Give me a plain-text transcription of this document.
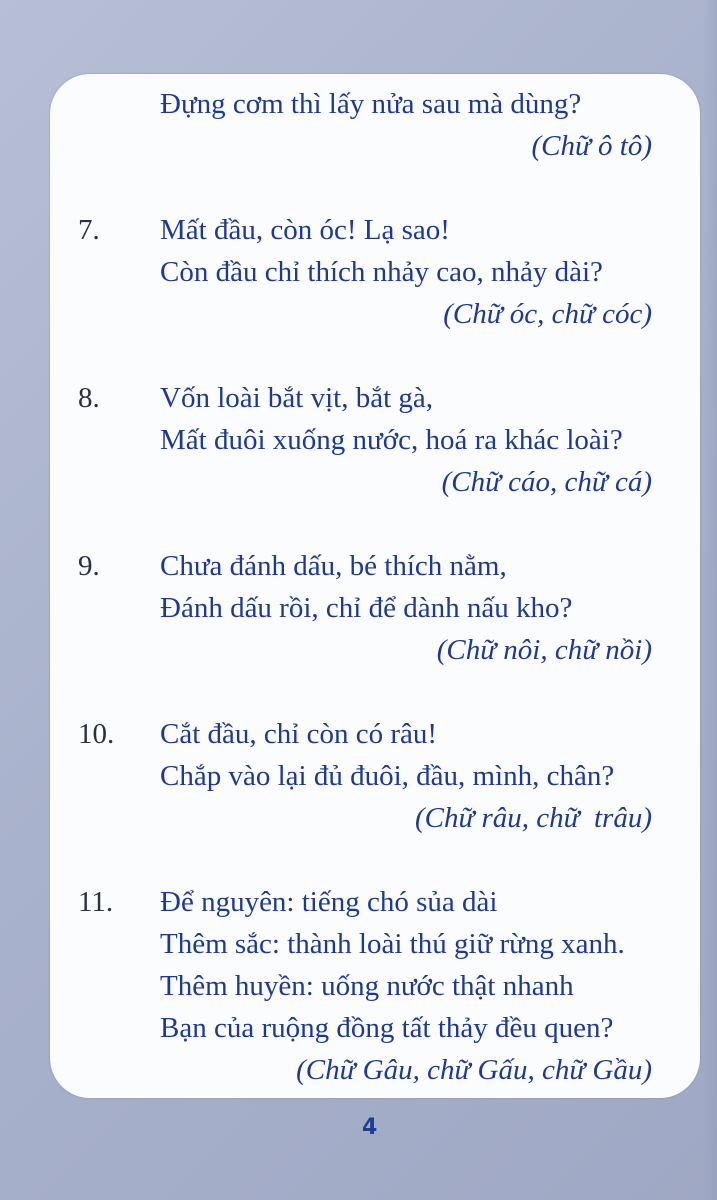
Đựng cơm thì lấy nửa sau mà dùng?
(Chữ ô tô)
7. Mất đầu, còn óc! Lạ sao!
Còn đầu chỉ thích nhảy cao, nhảy dài?
(Chữ óc, chữ cóc)
8. Vốn loài bắt vịt, bắt gà,
Mất đuôi xuống nước, hoá ra khác loài?
(Chữ cáo, chữ cá)
9. Chưa đánh dấu, bé thích nằm,
Đánh dấu rồi, chỉ để dành nấu kho?
(Chữ nôi, chữ nồi)
10. Cắt đầu, chỉ còn có râu!
Chắp vào lại đủ đuôi, đầu, mình, chân?
(Chữ râu, chữ  trâu)
11. Để nguyên: tiếng chó sủa dài
Thêm sắc: thành loài thú giữ rừng xanh.
Thêm huyền: uống nước thật nhanh
Bạn của ruộng đồng tất thảy đều quen?
(Chữ Gâu, chữ Gấu, chữ Gầu)
4
